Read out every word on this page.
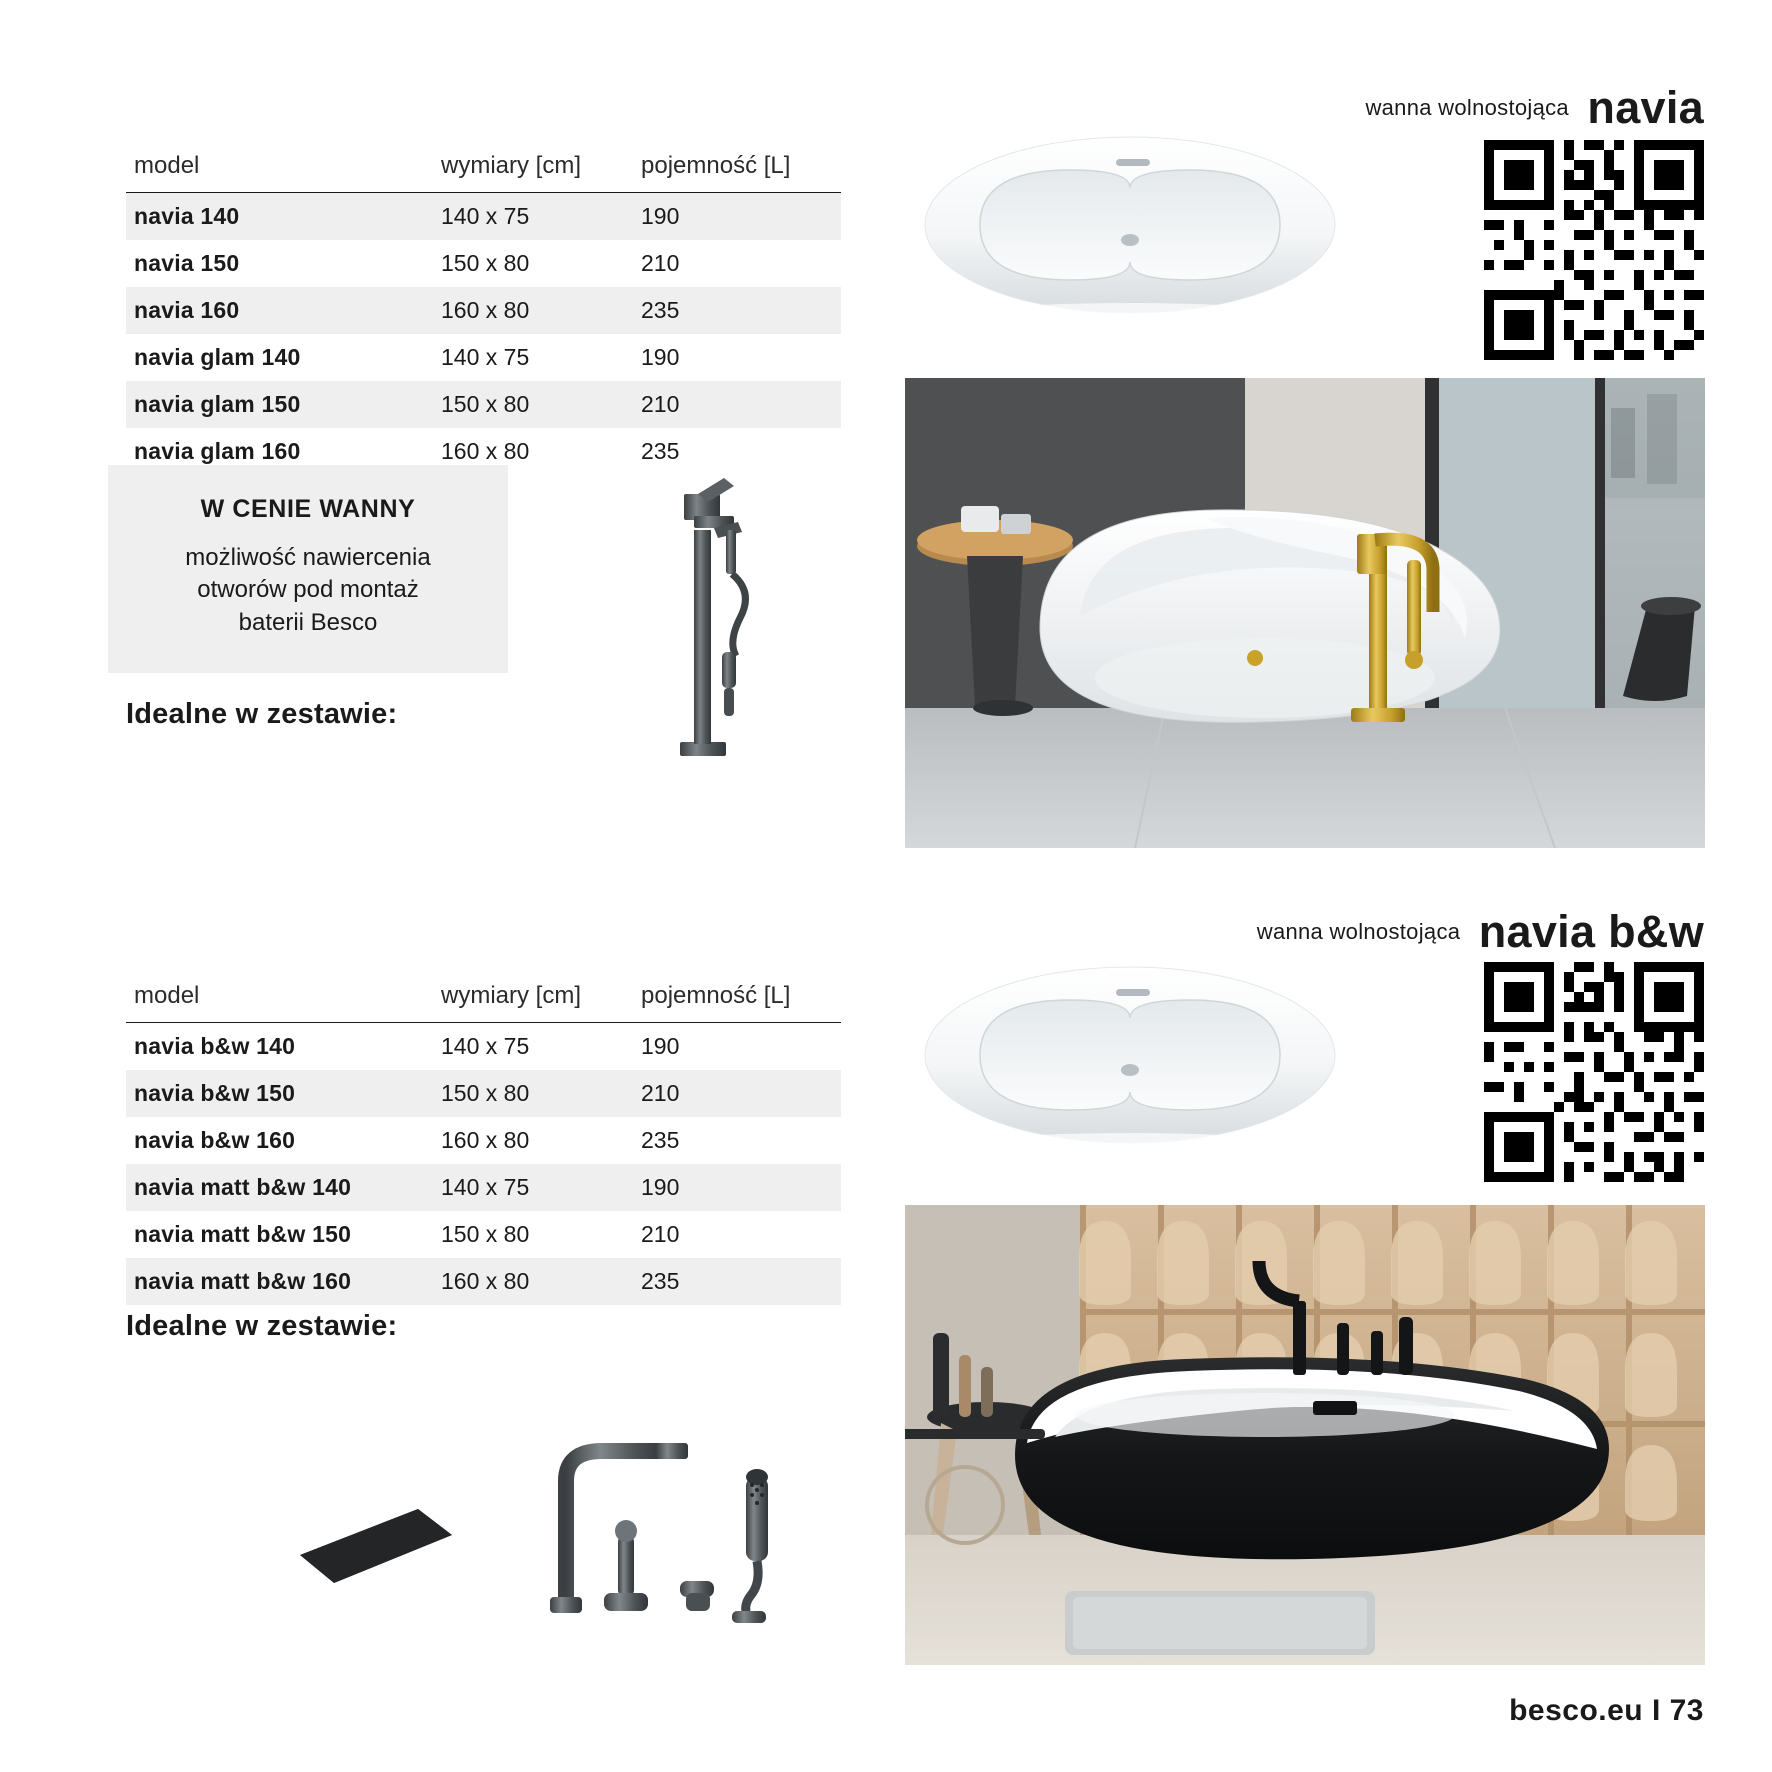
wanna wolnostojąca navia
model	wymiary [cm]	pojemność [L]
navia 140	140 x 75	190
navia 150	150 x 80	210
navia 160	160 x 80	235
navia glam 140	140 x 75	190
navia glam 150	150 x 80	210
navia glam 160	160 x 80	235
W CENIE WANNY
możliwość nawiercenia
otworów pod montaż
baterii Besco
Idealne w zestawie:
wanna wolnostojąca navia b&w
model	wymiary [cm]	pojemność [L]
navia b&w 140	140 x 75	190
navia b&w 150	150 x 80	210
navia b&w 160	160 x 80	235
navia matt b&w 140	140 x 75	190
navia matt b&w 150	150 x 80	210
navia matt b&w 160	160 x 80	235
Idealne w zestawie:
besco.eu I 73
